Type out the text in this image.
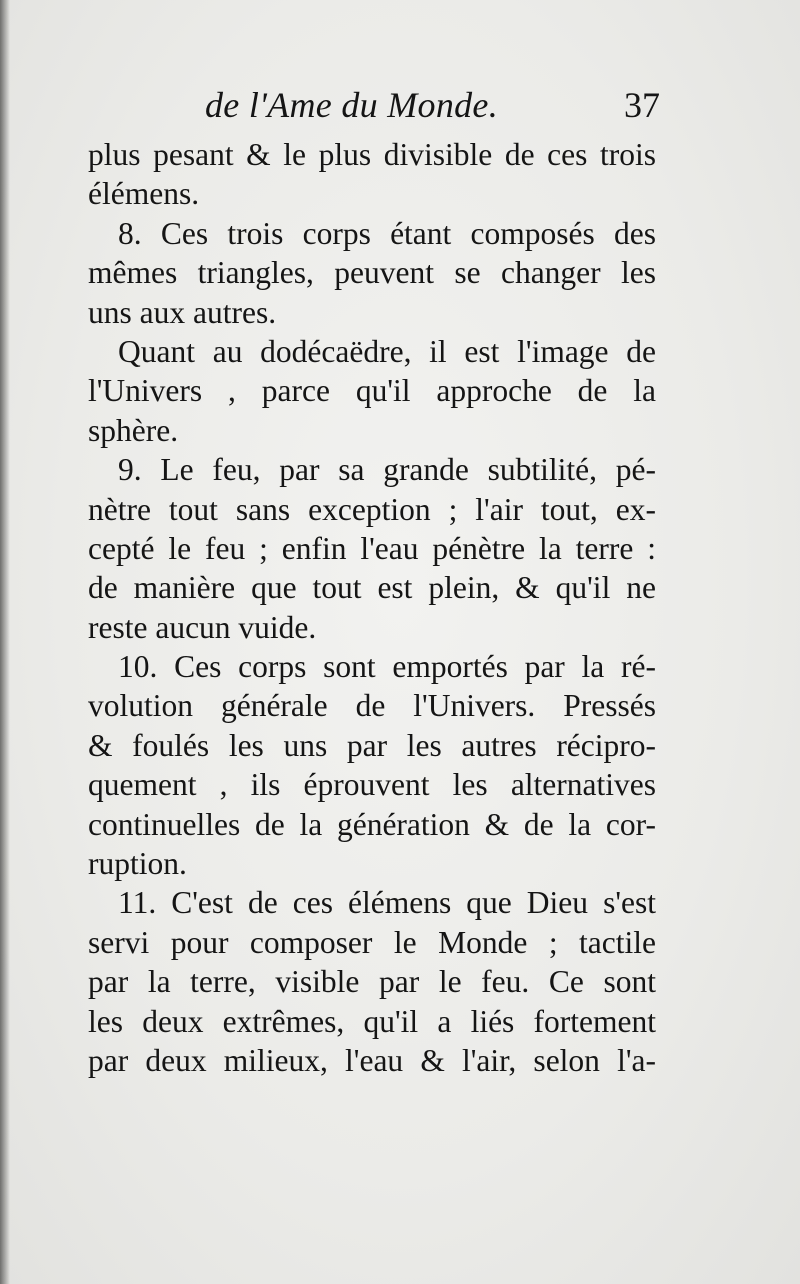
de l'Ame du Monde.	37
plus pesant & le plus divisible de ces trois
élémens.
8. Ces trois corps étant composés des
mêmes triangles, peuvent se changer les
uns aux autres.
Quant au dodécaëdre, il est l'image de
l'Univers , parce qu'il approche de la
sphère.
9. Le feu, par sa grande subtilité, pé-
nètre tout sans exception ; l'air tout, ex-
cepté le feu ; enfin l'eau pénètre la terre :
de manière que tout est plein, & qu'il ne
reste aucun vuide.
10. Ces corps sont emportés par la ré-
volution générale de l'Univers. Pressés
& foulés les uns par les autres récipro-
quement , ils éprouvent les alternatives
continuelles de la génération & de la cor-
ruption.
11. C'est de ces élémens que Dieu s'est
servi pour composer le Monde ; tactile
par la terre, visible par le feu. Ce sont
les deux extrêmes, qu'il a liés fortement
par deux milieux, l'eau & l'air, selon l'a-
